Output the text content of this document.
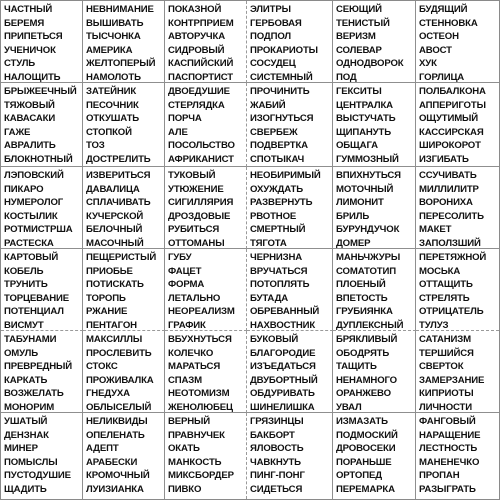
ЧАСТНЫЙ
БЕРЕМЯ
ПРИПЕТЬСЯ
УЧЕНИЧОК
СТУЛЬ
НАЛОЩИТЬ
НЕВНИМАНИЕ
ВЫШИВАТЬ
ТЫСЧОНКА
АМЕРИКА
ЖЕЛТОПЕРЫЙ
НАМОЛОТЬ
ПОКАЗНОЙ
КОНТРПРИЕМ
АВТОРУЧКА
СИДРОВЫЙ
КАСПИЙСКИЙ
ПАСПОРТИСТ
ЭЛИТРЫ
ГЕРБОВАЯ
ПОДПОЛ
ПРОКАРИОТЫ
СОСУДЕЦ
СИСТЕМНЫЙ
СЕЮЩИЙ
ТЕНИСТЫЙ
ВЕРИЗМ
СОЛЕВАР
ОДНОДВОРОК
ПОД
БУДЯЩИЙ
СТЕННОВКА
ОСТЕОН
АВОСТ
ХУК
ГОРЛИЦА
БРЫЖЕЕЧНЫЙ
ТЯЖОВЫЙ
КАВАСАКИ
ГАЖЕ
АВРАЛИТЬ
БЛОКНОТНЫЙ
ЗАТЕЙНИК
ПЕСОЧНИК
ОТКУШАТЬ
СТОПКОЙ
ТОЗ
ДОСТРЕЛИТЬ
ДВОЕДУШИЕ
СТЕРЛЯДКА
ПОРЧА
АЛЕ
ПОСОЛЬСТВО
АФРИКАНИСТ
ПРОЧИНИТЬ
ЖАБИЙ
ИЗОГНУТЬСЯ
СВЕРБЕЖ
ПОДВЕРТКА
СПОТЫКАЧ
ГЕКСИТЫ
ЦЕНТРАЛКА
ВЫСТУЧАТЬ
ЩИПАНУТЬ
ОБЩАГА
ГУММОЗНЫЙ
ПОЛБАЛКОНА
АППЕРИГОТЫ
ОЩУТИМЫЙ
КАССИРСКАЯ
ШИРОКОРОТ
ИЗГИБАТЬ
ЛЭПОВСКИЙ
ПИКАРО
НУМЕРОЛОГ
КОСТЫЛИК
РОТМИСТРША
РАСТЕСКА
ИЗВЕРИТЬСЯ
ДАВАЛИЦА
СПЛАЧИВАТЬ
КУЧЕРСКОЙ
БЕЛОЧНЫЙ
МАСОЧНЫЙ
ТУКОВЫЙ
УТЮЖЕНИЕ
СИГИЛЛЯРИЯ
ДРОЗДОВЫЕ
РУБИТЬСЯ
ОТТОМАНЫ
НЕОБИРИМЫЙ
ОХУЖДАТЬ
РАЗВЕРНУТЬ
РВОТНОЕ
СМЕРТНЫЙ
ТЯГОТА
ВПИХНУТЬСЯ
МОТОЧНЫЙ
ЛИМОНИТ
БРИЛЬ
БУРУНДУЧОК
ДОМЕР
ССУЧИВАТЬ
МИЛЛИЛИТР
ВОРОНИХА
ПЕРЕСОЛИТЬ
МАКЕТ
ЗАПОЛЗШИЙ
КАРТОВЫЙ
КОБЕЛЬ
ТРУНИТЬ
ТОРЦЕВАНИЕ
ПОТЕНЦИАЛ
ВИСМУТ
ПЕЩЕРИСТЫЙ
ПРИОБЬЕ
ПОТИСКАТЬ
ТОРОПЬ
РЖАНИЕ
ПЕНТАГОН
ГУБУ
ФАЦЕТ
ФОРМА
ЛЕТАЛЬНО
НЕОРЕАЛИЗМ
ГРАФИК
ЧЕРНИЗНА
ВРУЧАТЬСЯ
ПОТОПЛЯТЬ
БУТАДА
ОБРЕВАННЫЙ
НАХВОСТНИК
МАНЬЧЖУРЫ
СОМАТОТИП
ПЛОЕНЫЙ
ВПЕТОСТЬ
ГРУБИЯНКА
ДУПЛЕКСНЫЙ
ПЕРЕТЯЖНОЙ
МОСЬКА
ОТТАЩИТЬ
СТРЕЛЯТЬ
ОТРИЦАТЕЛЬ
ТУЛУЗ
ТАБУНАМИ
ОМУЛЬ
ПРЕВРЕДНЫЙ
КАРКАТЬ
ВОЗЖЕЛАТЬ
МОНОРИМ
МАКСИЛЛЫ
ПРОСЛЕВИТЬ
СТОКС
ПРОЖИВАЛКА
ГНЕДУХА
ОБЛЫСЕЛЫЙ
ВБУХНУТЬСЯ
КОЛЕЧКО
МАРАТЬСЯ
СПАЗМ
НЕОТОМИЗМ
ЖЕНОЛЮБЕЦ
БУКОВЫЙ
БЛАГОРОДИЕ
ИЗЪЕДАТЬСЯ
ДВУБОРТНЫЙ
ОБДУРИВАТЬ
ШИНЕЛИШКА
БРЯКЛИВЫЙ
ОБОДРЯТЬ
ТАЩИТЬ
НЕНАМНОГО
ОРАНЖЕВО
УВАЛ
САТАНИЗМ
ТЕРШИЙСЯ
СВЕРТОК
ЗАМЕРЗАНИЕ
КИПРИОТЫ
ЛИЧНОСТИ
УШАТЫЙ
ДЕНЗНАК
МИНЕР
ПОМЫСЛЫ
ПУСТОДУШИЕ
ЩАДИТЬ
НЕЛИКВИДЫ
ОПЕЛЕНАТЬ
АДЕПТ
АРАБЕСКИ
КРОМОЧНЫЙ
ЛУИЗИАНКА
ВЕРНЫЙ
ПРАВНУЧЕК
ОКАТЬ
МАНКОСТЬ
МИКСБОРДЕР
ПИВКО
ГРЯЗИНЦЫ
БАКБОРТ
ЯЛОВОСТЬ
ЧАВКНУТЬ
ПИНГ-ПОНГ
СИДЕТЬСЯ
ИЗМАЗАТЬ
ПОДМОСКИЙ
ДРОВОСЕКИ
ПОРАНЬШЕ
ОРТОПЕД
ПЕРЕМАРКА
ФАНГОВЫЙ
НАРАЩЕНИЕ
ЛЕСТНОСТЬ
МАНЕНЕЧКО
ПРОПАН
РАЗЫГРАТЬ
